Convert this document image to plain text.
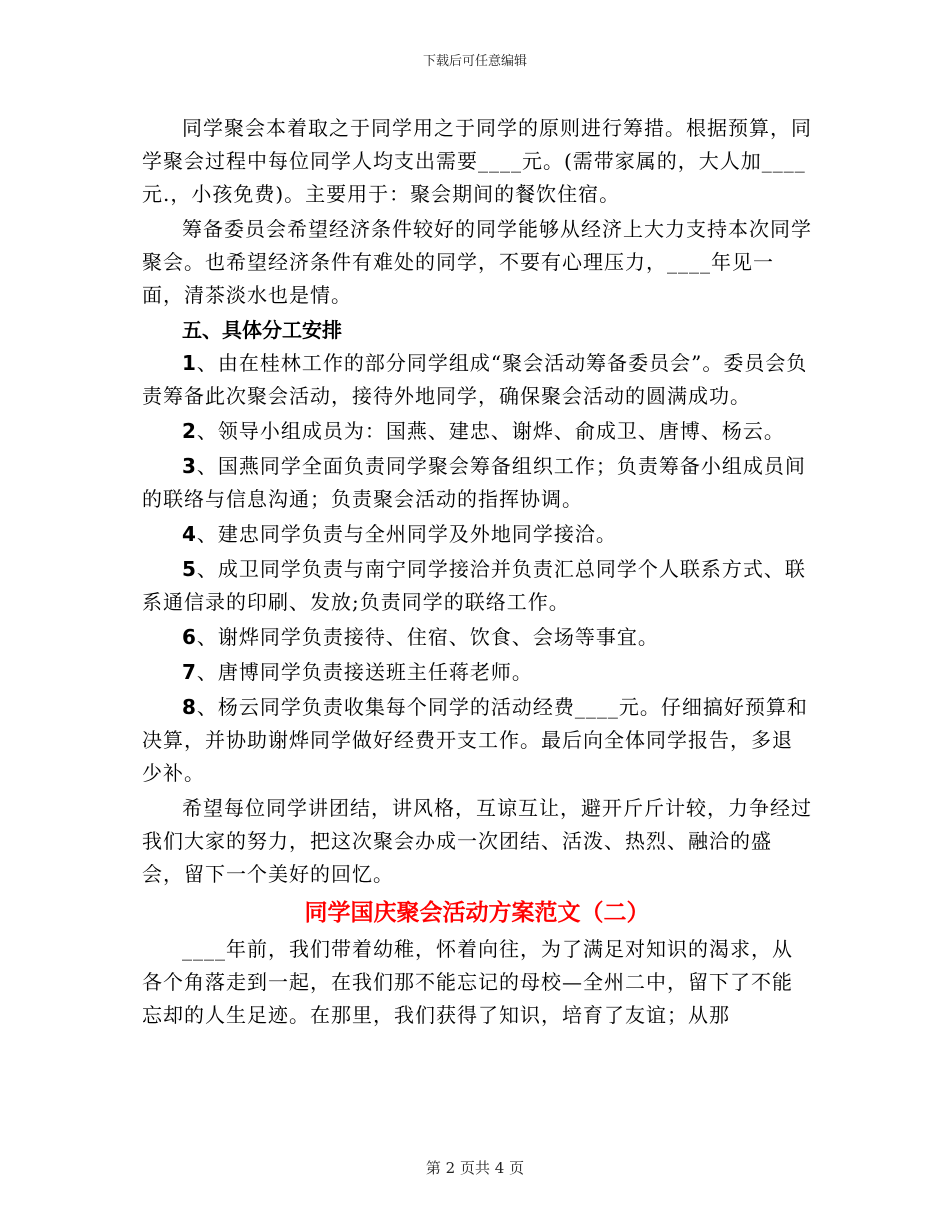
下载后可任意编辑

同学聚会本着取之于同学用之于同学的原则进行筹措。根据预算，同学聚会过程中每位同学人均支出需要____元。(需带家属的，大人加____元.，小孩免费)。主要用于：聚会期间的餐饮住宿。

筹备委员会希望经济条件较好的同学能够从经济上大力支持本次同学聚会。也希望经济条件有难处的同学，不要有心理压力，____年见一面，清茶淡水也是情。

五、具体分工安排

1、由在桂林工作的部分同学组成“聚会活动筹备委员会”。委员会负责筹备此次聚会活动，接待外地同学，确保聚会活动的圆满成功。

2、领导小组成员为：国燕、建忠、谢烨、俞成卫、唐博、杨云。

3、国燕同学全面负责同学聚会筹备组织工作；负责筹备小组成员间的联络与信息沟通；负责聚会活动的指挥协调。

4、建忠同学负责与全州同学及外地同学接洽。

5、成卫同学负责与南宁同学接洽并负责汇总同学个人联系方式、联系通信录的印刷、发放;负责同学的联络工作。

6、谢烨同学负责接待、住宿、饮食、会场等事宜。

7、唐博同学负责接送班主任蒋老师。

8、杨云同学负责收集每个同学的活动经费____元。仔细搞好预算和决算，并协助谢烨同学做好经费开支工作。最后向全体同学报告，多退少补。

希望每位同学讲团结，讲风格，互谅互让，避开斤斤计较，力争经过我们大家的努力，把这次聚会办成一次团结、活泼、热烈、融洽的盛会，留下一个美好的回忆。

同学国庆聚会活动方案范文（二）

____年前，我们带着幼稚，怀着向往，为了满足对知识的渴求，从各个角落走到一起，在我们那不能忘记的母校—全州二中，留下了不能忘却的人生足迹。在那里，我们获得了知识，培育了友谊；从那

第 2 页共 4 页
